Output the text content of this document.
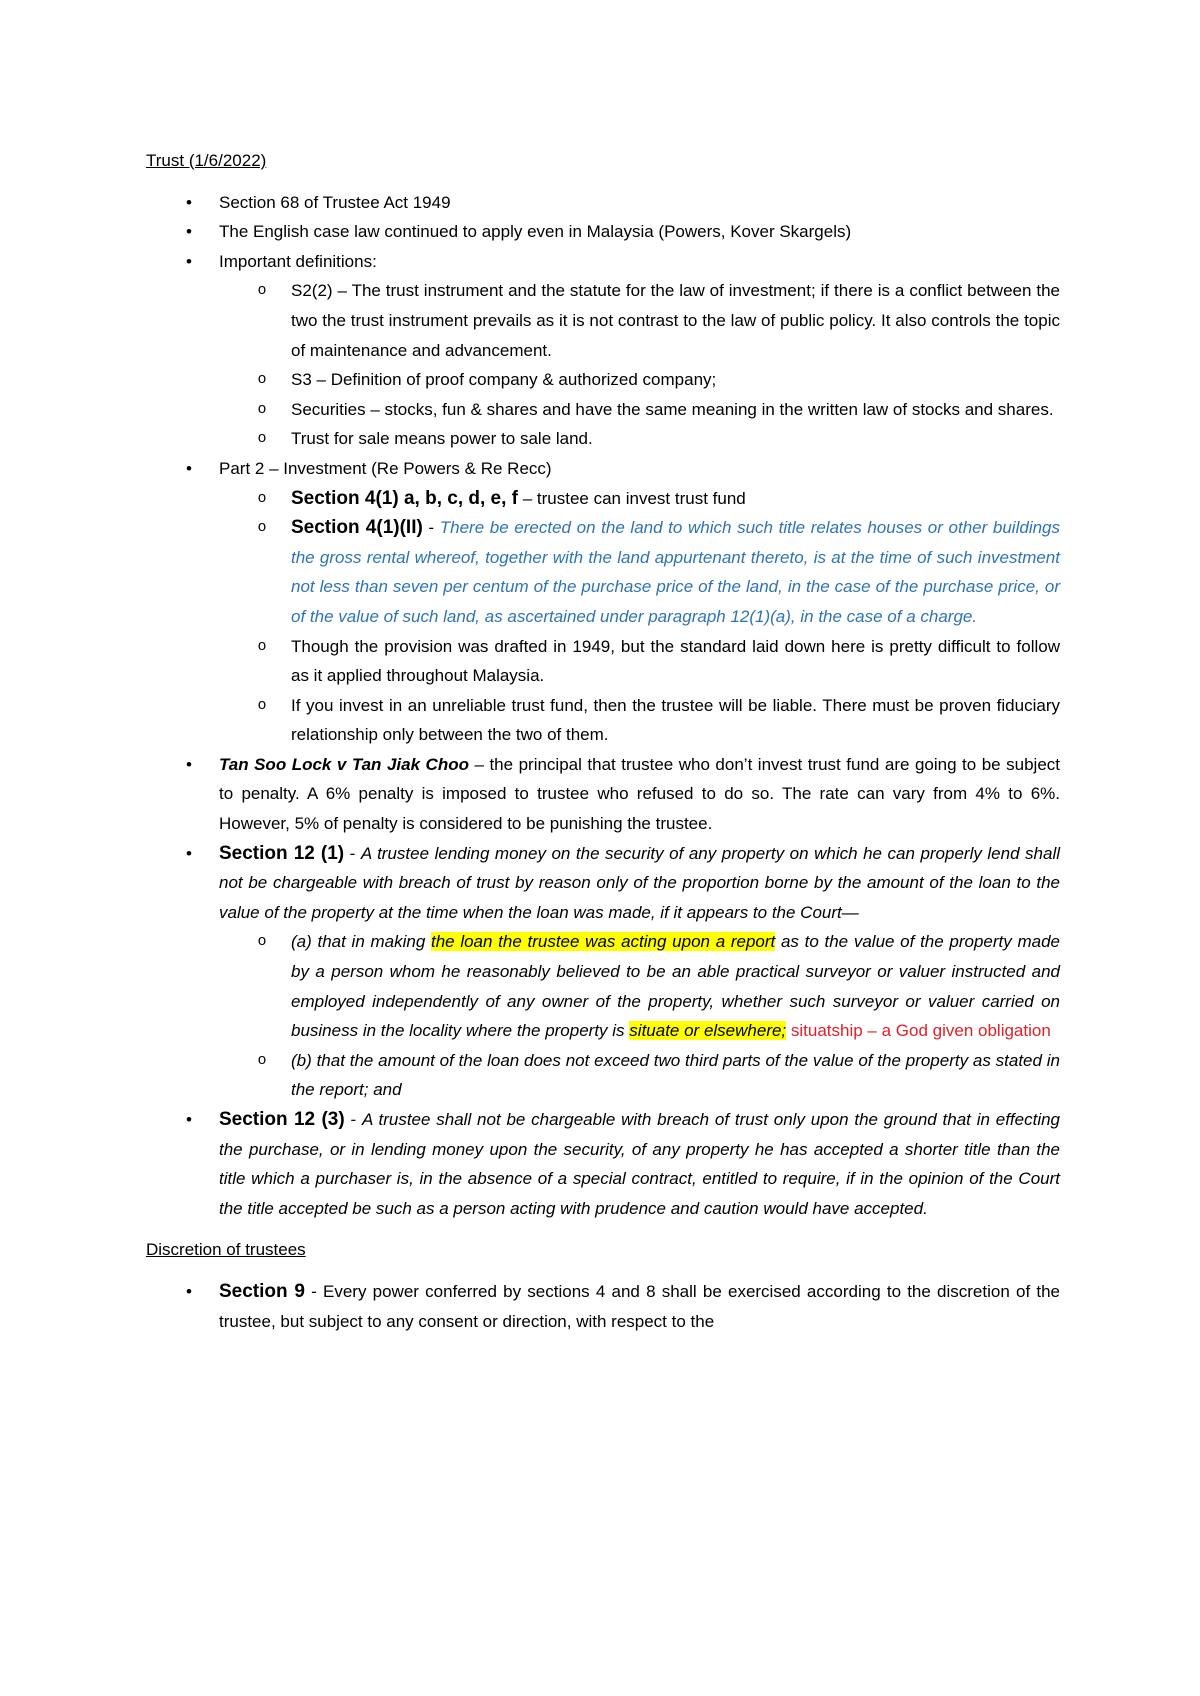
Trust (1/6/2022)

• Section 68 of Trustee Act 1949
• The English case law continued to apply even in Malaysia (Powers, Kover Skargels)
• Important definitions:
o S2(2) – The trust instrument and the statute for the law of investment; if there is a conflict between the two the trust instrument prevails as it is not contrast to the law of public policy. It also controls the topic of maintenance and advancement.
o S3 – Definition of proof company & authorized company;
o Securities – stocks, fun & shares and have the same meaning in the written law of stocks and shares.
o Trust for sale means power to sale land.
• Part 2 – Investment (Re Powers & Re Recc)
o Section 4(1) a, b, c, d, e, f – trustee can invest trust fund
o Section 4(1)(II) - There be erected on the land to which such title relates houses or other buildings the gross rental whereof, together with the land appurtenant thereto, is at the time of such investment not less than seven per centum of the purchase price of the land, in the case of the purchase price, or of the value of such land, as ascertained under paragraph 12(1)(a), in the case of a charge.
o Though the provision was drafted in 1949, but the standard laid down here is pretty difficult to follow as it applied throughout Malaysia.
o If you invest in an unreliable trust fund, then the trustee will be liable. There must be proven fiduciary relationship only between the two of them.
• Tan Soo Lock v Tan Jiak Choo – the principal that trustee who don’t invest trust fund are going to be subject to penalty. A 6% penalty is imposed to trustee who refused to do so. The rate can vary from 4% to 6%. However, 5% of penalty is considered to be punishing the trustee.
• Section 12 (1) - A trustee lending money on the security of any property on which he can properly lend shall not be chargeable with breach of trust by reason only of the proportion borne by the amount of the loan to the value of the property at the time when the loan was made, if it appears to the Court—
o (a) that in making the loan the trustee was acting upon a report as to the value of the property made by a person whom he reasonably believed to be an able practical surveyor or valuer instructed and employed independently of any owner of the property, whether such surveyor or valuer carried on business in the locality where the property is situate or elsewhere; situatship – a God given obligation
o (b) that the amount of the loan does not exceed two third parts of the value of the property as stated in the report; and
• Section 12 (3) - A trustee shall not be chargeable with breach of trust only upon the ground that in effecting the purchase, or in lending money upon the security, of any property he has accepted a shorter title than the title which a purchaser is, in the absence of a special contract, entitled to require, if in the opinion of the Court the title accepted be such as a person acting with prudence and caution would have accepted.

Discretion of trustees

• Section 9 - Every power conferred by sections 4 and 8 shall be exercised according to the discretion of the trustee, but subject to any consent or direction, with respect to the
